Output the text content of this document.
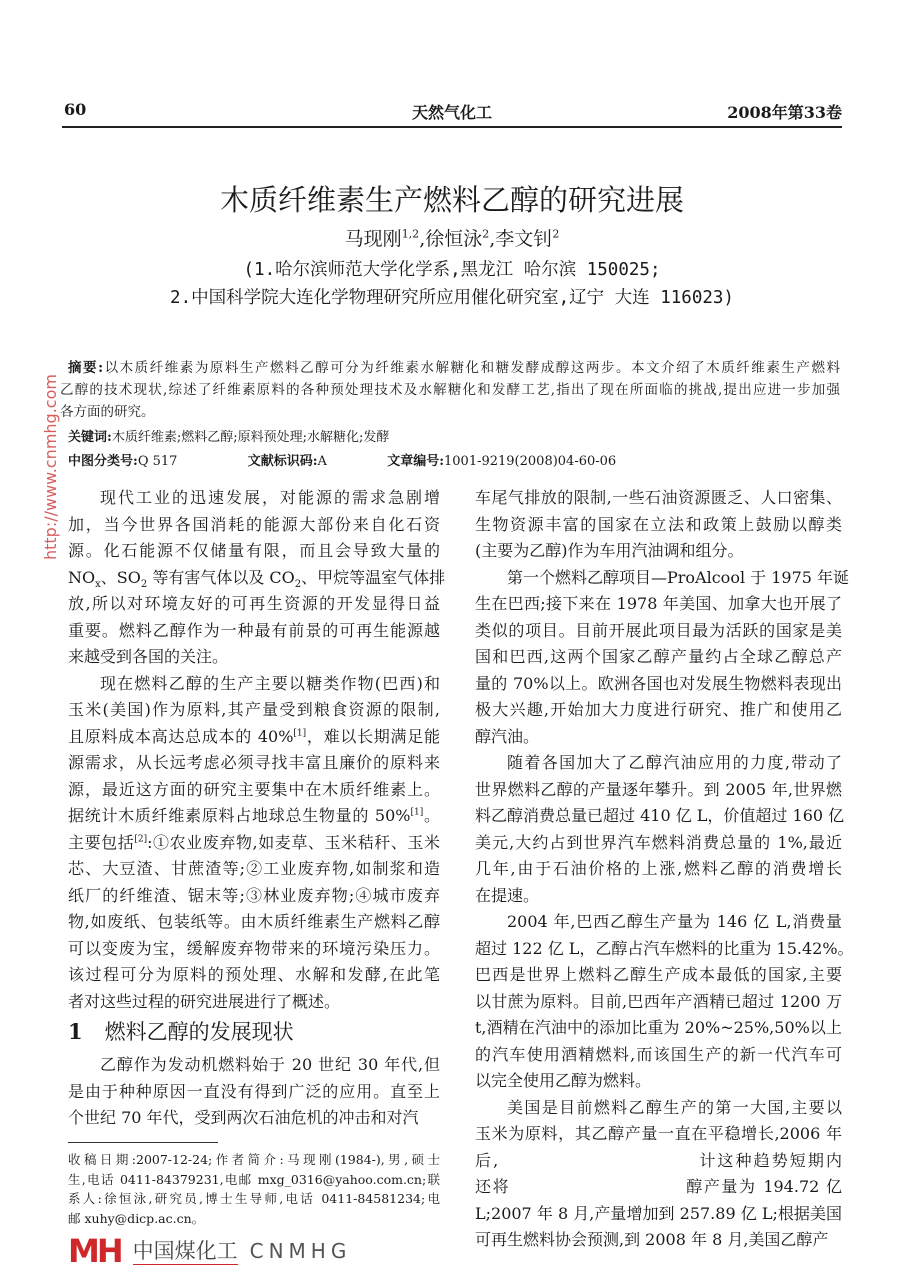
60	天然气化工	2008年第33卷
木质纤维素生产燃料乙醇的研究进展
马现刚$^{1,2}$,徐恒泳$^2$,李文钊$^2$
(1.哈尔滨师范大学化学系,黑龙江 哈尔滨 150025;
2.中国科学院大连化学物理研究所应用催化研究室,辽宁 大连 116023)
摘要:以木质纤维素为原料生产燃料乙醇可分为纤维素水解糖化和糖发酵成醇这两步。本文介绍了木质纤维素生产燃料
乙醇的技术现状,综述了纤维素原料的各种预处理技术及水解糖化和发酵工艺,指出了现在所面临的挑战,提出应进一步加强
各方面的研究。
关键词:木质纤维素;燃料乙醇;原料预处理;水解糖化;发酵
中图分类号:Q 517	文献标识码:A	文章编号:1001-9219(2008)04-60-06
现代工业的迅速发展，对能源的需求急剧增
加，当今世界各国消耗的能源大部份来自化石资
源。化石能源不仅储量有限，而且会导致大量的
$NO_x$、$SO_2$ 等有害气体以及 $CO_2$、甲烷等温室气体排
放,所以对环境友好的可再生资源的开发显得日益
重要。燃料乙醇作为一种最有前景的可再生能源越
来越受到各国的关注。
现在燃料乙醇的生产主要以糖类作物(巴西)和
玉米(美国)作为原料,其产量受到粮食资源的限制,
且原料成本高达总成本的 40%[1]，难以长期满足能
源需求，从长远考虑必须寻找丰富且廉价的原料来
源，最近这方面的研究主要集中在木质纤维素上。
据统计木质纤维素原料占地球总生物量的 50%[1]。
主要包括[2]:①农业废弃物,如麦草、玉米秸秆、玉米
芯、大豆渣、甘蔗渣等;②工业废弃物,如制浆和造
纸厂的纤维渣、锯末等;③林业废弃物;④城市废弃
物,如废纸、包装纸等。由木质纤维素生产燃料乙醇
可以变废为宝，缓解废弃物带来的环境污染压力。
该过程可分为原料的预处理、水解和发酵,在此笔
者对这些过程的研究进展进行了概述。
1 燃料乙醇的发展现状
乙醇作为发动机燃料始于 20 世纪 30 年代,但
是由于种种原因一直没有得到广泛的应用。直至上
个世纪 70 年代，受到两次石油危机的冲击和对汽
收稿日期:2007-12-24;作者简介:马现刚(1984-),男,硕士
生,电话 0411-84379231,电邮 mxg_0316@yahoo.com.cn;联
系人:徐恒泳,研究员,博士生导师,电话 0411-84581234;电
邮 xuhy@dicp.ac.cn。
车尾气排放的限制,一些石油资源匮乏、人口密集、
生物资源丰富的国家在立法和政策上鼓励以醇类
(主要为乙醇)作为车用汽油调和组分。
第一个燃料乙醇项目—ProAlcool 于 1975 年诞
生在巴西;接下来在 1978 年美国、加拿大也开展了
类似的项目。目前开展此项目最为活跃的国家是美
国和巴西,这两个国家乙醇产量约占全球乙醇总产
量的 70%以上。欧洲各国也对发展生物燃料表现出
极大兴趣,开始加大力度进行研究、推广和使用乙
醇汽油。
随着各国加大了乙醇汽油应用的力度,带动了
世界燃料乙醇的产量逐年攀升。到 2005 年,世界燃
料乙醇消费总量已超过 410 亿 L，价值超过 160 亿
美元,大约占到世界汽车燃料消费总量的 1%,最近
几年,由于石油价格的上涨,燃料乙醇的消费增长
在提速。
2004 年,巴西乙醇生产量为 146 亿 L,消费量
超过 122 亿 L，乙醇占汽车燃料的比重为 15.42%。
巴西是世界上燃料乙醇生产成本最低的国家,主要
以甘蔗为原料。目前,巴西年产酒精已超过 1200 万
t,酒精在汽油中的添加比重为 20%~25%,50%以上
的汽车使用酒精燃料,而该国生产的新一代汽车可
以完全使用乙醇为燃料。
美国是目前燃料乙醇生产的第一大国,主要以
玉米为原料，其乙醇产量一直在平稳增长,2006 年
后,　　　　　　　　　　　计这种趋势短期内
还将　　　　　　　　　　醇产量为 194.72 亿
L;2007 年 8 月,产量增加到 257.89 亿 L;根据美国
可再生燃料协会预测,到 2008 年 8 月,美国乙醇产
http://www.cnmhg.com
MH 中国煤化工 CNMHG
